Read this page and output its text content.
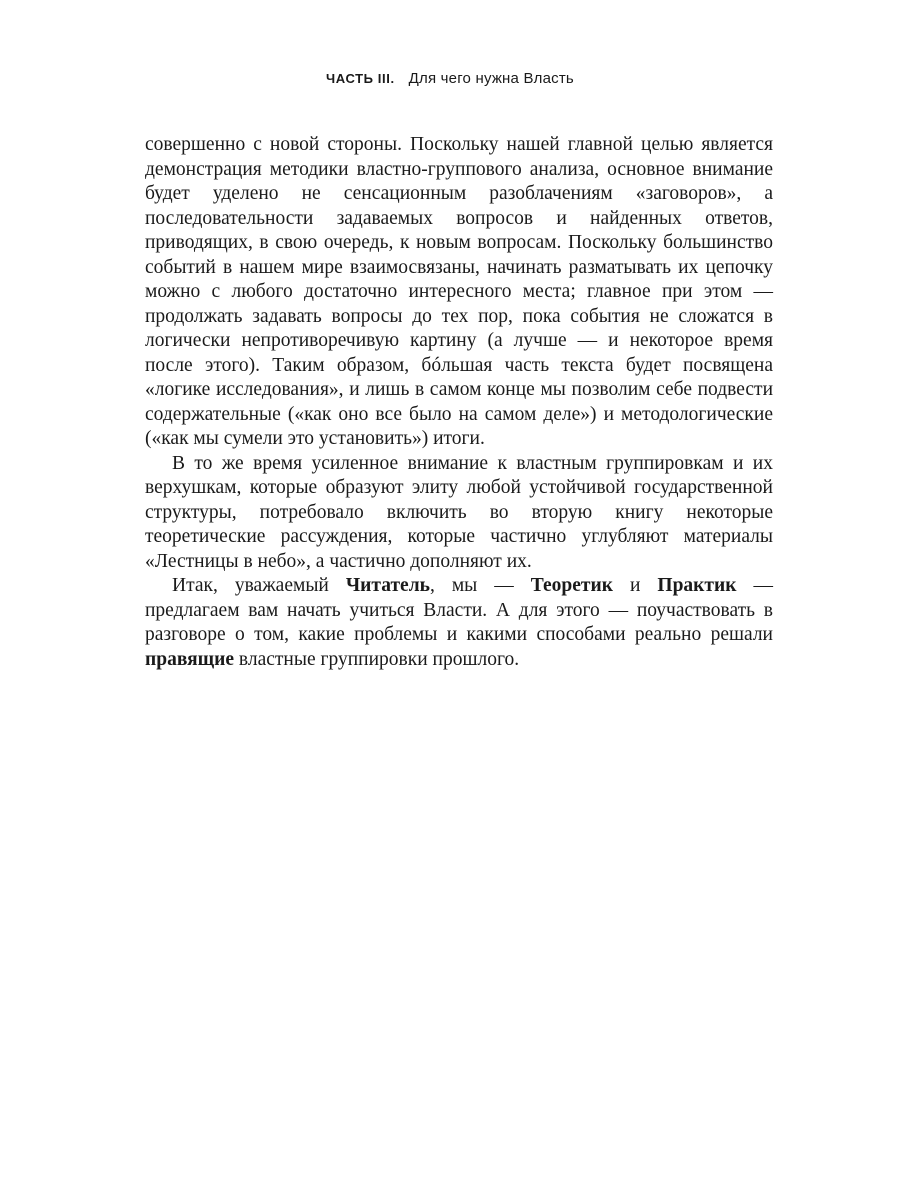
ЧАСТЬ III. Для чего нужна Власть

совершенно с новой стороны. Поскольку нашей главной целью является демонстрация методики властно-группового анализа, основное внимание будет уделено не сенсационным разоблачениям «заговоров», а последовательности задаваемых вопросов и найденных ответов, приводящих, в свою очередь, к новым вопросам. Поскольку большинство событий в нашем мире взаимосвязаны, начинать разматывать их цепочку можно с любого достаточно интересного места; главное при этом — продолжать задавать вопросы до тех пор, пока события не сложатся в логически непротиворечивую картину (а лучше — и некоторое время после этого). Таким образом, бóльшая часть текста будет посвящена «логике исследования», и лишь в самом конце мы позволим себе подвести содержательные («как оно все было на самом деле») и методологические («как мы сумели это установить») итоги.

В то же время усиленное внимание к властным группировкам и их верхушкам, которые образуют элиту любой устойчивой государственной структуры, потребовало включить во вторую книгу некоторые теоретические рассуждения, которые частично углубляют материалы «Лестницы в небо», а частично дополняют их.

Итак, уважаемый Читатель, мы — Теоретик и Практик — предлагаем вам начать учиться Власти. А для этого — поучаствовать в разговоре о том, какие проблемы и какими способами реально решали правящие властные группировки прошлого.
